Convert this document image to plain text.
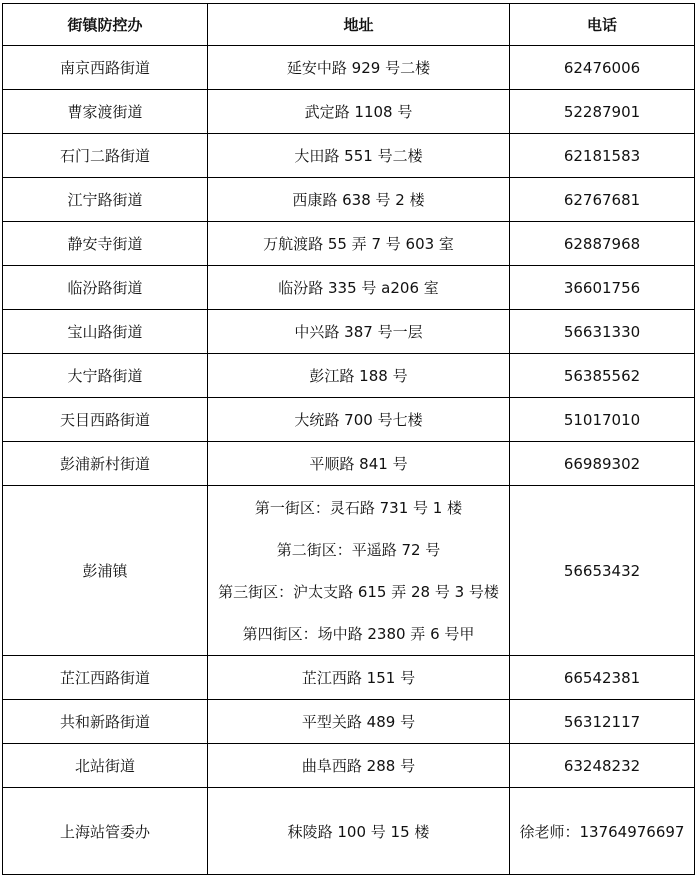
街镇防控办	地址	电话
南京西路街道	延安中路 929 号二楼	62476006
曹家渡街道	武定路 1108 号	52287901
石门二路街道	大田路 551 号二楼	62181583
江宁路街道	西康路 638 号 2 楼	62767681
静安寺街道	万航渡路 55 弄 7 号 603 室	62887968
临汾路街道	临汾路 335 号 a206 室	36601756
宝山路街道	中兴路 387 号一层	56631330
大宁路街道	彭江路 188 号	56385562
天目西路街道	大统路 700 号七楼	51017010
彭浦新村街道	平顺路 841 号	66989302
彭浦镇	第一街区：灵石路 731 号 1 楼
第二街区：平遥路 72 号
第三街区：沪太支路 615 弄 28 号 3 号楼
第四街区：场中路 2380 弄 6 号甲	56653432
芷江西路街道	芷江西路 151 号	66542381
共和新路街道	平型关路 489 号	56312117
北站街道	曲阜西路 288 号	63248232
上海站管委办	秣陵路 100 号 15 楼	徐老师：13764976697
